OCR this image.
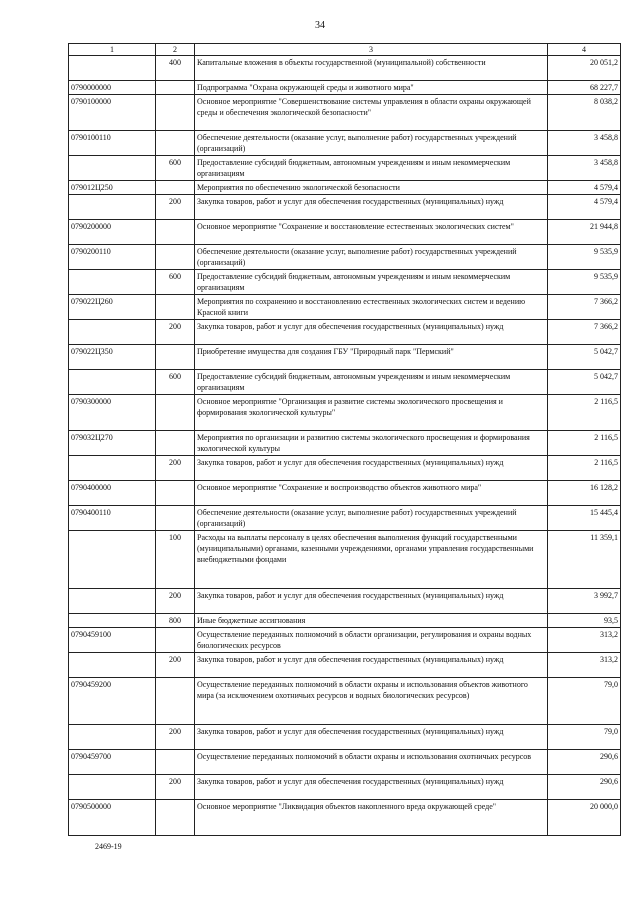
34
1	2	3	4
	400	Капитальные вложения в объекты государственной (муниципальной) собственности	20 051,2
0790000000		Подпрограмма "Охрана окружающей среды и животного мира"	68 227,7
0790100000		Основное мероприятие "Совершенствование системы управления в области охраны окружающей среды и обеспечения экологической безопасности"	8 038,2
0790100110		Обеспечение деятельности (оказание услуг, выполнение работ) государственных учреждений (организаций)	3 458,8
	600	Предоставление субсидий бюджетным, автономным учреждениям и иным некоммерческим организациям	3 458,8
079012Ц250		Мероприятия по обеспечению экологической безопасности	4 579,4
	200	Закупка товаров, работ и услуг для обеспечения государственных (муниципальных) нужд	4 579,4
0790200000		Основное мероприятие "Сохранение и восстановление естественных экологических систем"	21 944,8
0790200110		Обеспечение деятельности (оказание услуг, выполнение работ) государственных учреждений (организаций)	9 535,9
	600	Предоставление субсидий бюджетным, автономным учреждениям и иным некоммерческим организациям	9 535,9
079022Ц260		Мероприятия по сохранению и восстановлению естественных экологических систем и ведению Красной книги	7 366,2
	200	Закупка товаров, работ и услуг для обеспечения государственных (муниципальных) нужд	7 366,2
079022Ц350		Приобретение имущества для создания ГБУ "Природный парк "Пермский"	5 042,7
	600	Предоставление субсидий бюджетным, автономным учреждениям и иным некоммерческим организациям	5 042,7
0790300000		Основное мероприятие "Организация и развитие системы экологического просвещения и формирования экологической культуры"	2 116,5
079032Ц270		Мероприятия по организации и развитию системы экологического просвещения и формирования экологической культуры	2 116,5
	200	Закупка товаров, работ и услуг для обеспечения государственных (муниципальных) нужд	2 116,5
0790400000		Основное мероприятие "Сохранение и воспроизводство объектов животного мира"	16 128,2
0790400110		Обеспечение деятельности (оказание услуг, выполнение работ) государственных учреждений (организаций)	15 445,4
	100	Расходы на выплаты персоналу в целях обеспечения выполнения функций государственными (муниципальными) органами, казенными учреждениями, органами управления государственными внебюджетными фондами	11 359,1
	200	Закупка товаров, работ и услуг для обеспечения государственных (муниципальных) нужд	3 992,7
	800	Иные бюджетные ассигнования	93,5
0790459100		Осуществление переданных полномочий в области организации, регулирования и охраны водных биологических ресурсов	313,2
	200	Закупка товаров, работ и услуг для обеспечения государственных (муниципальных) нужд	313,2
0790459200		Осуществление переданных полномочий в области охраны и использования объектов животного мира (за исключением охотничьих ресурсов и водных биологических ресурсов)	79,0
	200	Закупка товаров, работ и услуг для обеспечения государственных (муниципальных) нужд	79,0
0790459700		Осуществление переданных полномочий в области охраны и использования охотничьих ресурсов	290,6
	200	Закупка товаров, работ и услуг для обеспечения государственных (муниципальных) нужд	290,6
0790500000		Основное мероприятие "Ликвидация объектов накопленного вреда окружающей среде"	20 000,0
2469-19
